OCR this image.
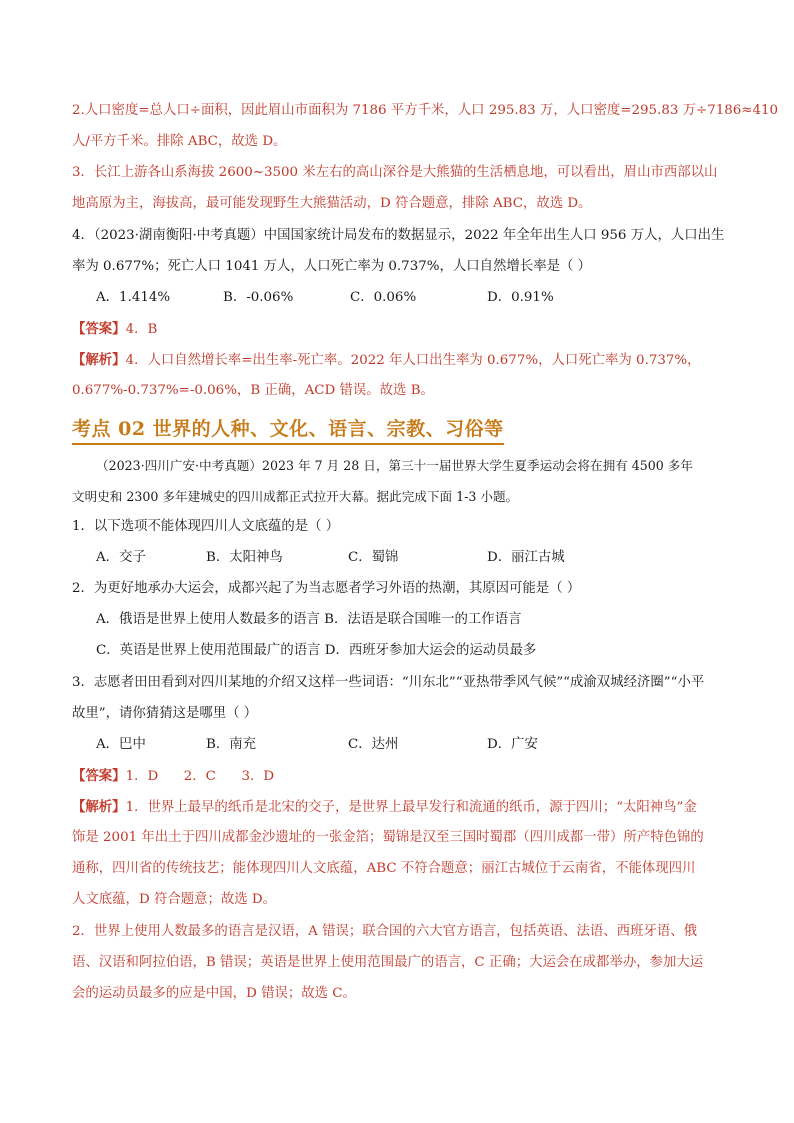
2.人口密度=总人口÷面积，因此眉山市面积为 7186 平方千米，人口 295.83 万，人口密度=295.83 万÷7186≈410
人/平方千米。排除 ABC，故选 D。
3．长江上游各山系海拔 2600~3500 米左右的高山深谷是大熊猫的生活栖息地，可以看出，眉山市西部以山
地高原为主，海拔高，最可能发现野生大熊猫活动，D 符合题意，排除 ABC，故选 D。
4．（2023·湖南衡阳·中考真题）中国国家统计局发布的数据显示，2022 年全年出生人口 956 万人，人口出生
率为 0.677%；死亡人口 1041 万人，人口死亡率为 0.737%，人口自然增长率是（ ）
A．1.414%	B．-0.06%	C．0.06%	D．0.91%
【答案】4．B
【解析】4．人口自然增长率=出生率-死亡率。2022 年人口出生率为 0.677%，人口死亡率为 0.737%，
0.677%-0.737%=-0.06%，B 正确，ACD 错误。故选 B。
考点 02 世界的人种、文化、语言、宗教、习俗等
（2023·四川广安·中考真题）2023 年 7 月 28 日，第三十一届世界大学生夏季运动会将在拥有 4500 多年
文明史和 2300 多年建城史的四川成都正式拉开大幕。据此完成下面 1-3 小题。
1．以下选项不能体现四川人文底蕴的是（ ）
A．交子	B．太阳神鸟	C．蜀锦	D．丽江古城
2．为更好地承办大运会，成都兴起了为当志愿者学习外语的热潮，其原因可能是（ ）
A．俄语是世界上使用人数最多的语言 B．法语是联合国唯一的工作语言
C．英语是世界上使用范围最广的语言 D．西班牙参加大运会的运动员最多
3．志愿者田田看到对四川某地的介绍又这样一些词语：“川东北”“亚热带季风气候”“成渝双城经济圈”“小平
故里”，请你猜猜这是哪里（ ）
A．巴中	B．南充	C．达州	D．广安
【答案】1．D      2．C      3．D
【解析】1．世界上最早的纸币是北宋的交子，是世界上最早发行和流通的纸币，源于四川；“太阳神鸟”金
饰是 2001 年出土于四川成都金沙遗址的一张金箔；蜀锦是汉至三国时蜀郡（四川成都一带）所产特色锦的
通称，四川省的传统技艺；能体现四川人文底蕴，ABC 不符合题意；丽江古城位于云南省，不能体现四川
人文底蕴，D 符合题意；故选 D。
2．世界上使用人数最多的语言是汉语，A 错误；联合国的六大官方语言，包括英语、法语、西班牙语、俄
语、汉语和阿拉伯语，B 错误；英语是世界上使用范围最广的语言，C 正确；大运会在成都举办，参加大运
会的运动员最多的应是中国，D 错误；故选 C。
